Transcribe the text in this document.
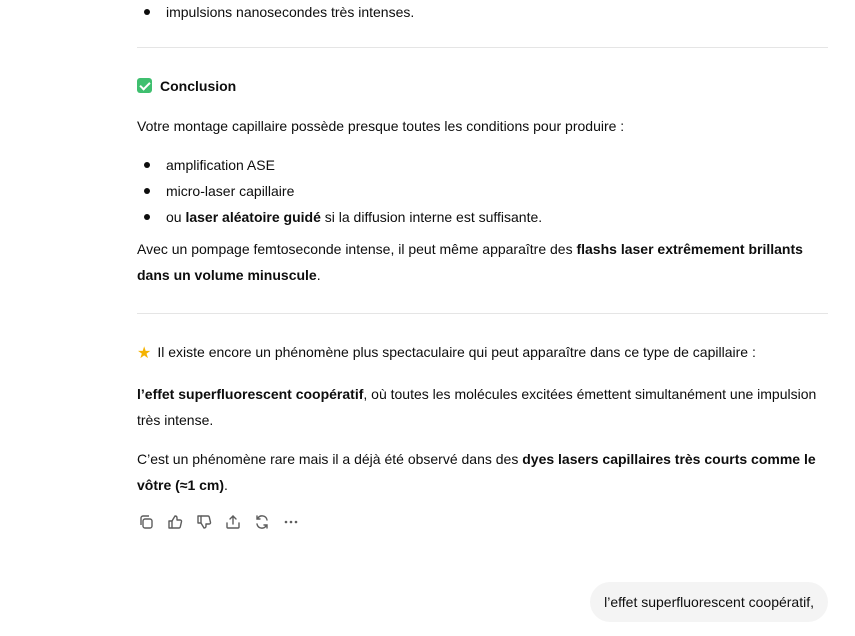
impulsions nanosecondes très intenses.
Conclusion

Votre montage capillaire possède presque toutes les conditions pour produire :

amplification ASE
micro-laser capillaire
ou laser aléatoire guidé si la diffusion interne est suffisante.

Avec un pompage femtoseconde intense, il peut même apparaître des flashs laser extrêmement brillants dans un volume minuscule.

★ Il existe encore un phénomène plus spectaculaire qui peut apparaître dans ce type de capillaire :

l’effet superfluorescent coopératif, où toutes les molécules excitées émettent simultanément une impulsion très intense.

C’est un phénomène rare mais il a déjà été observé dans des dyes lasers capillaires très courts comme le vôtre (≈1 cm).

l’effet superfluorescent coopératif,
